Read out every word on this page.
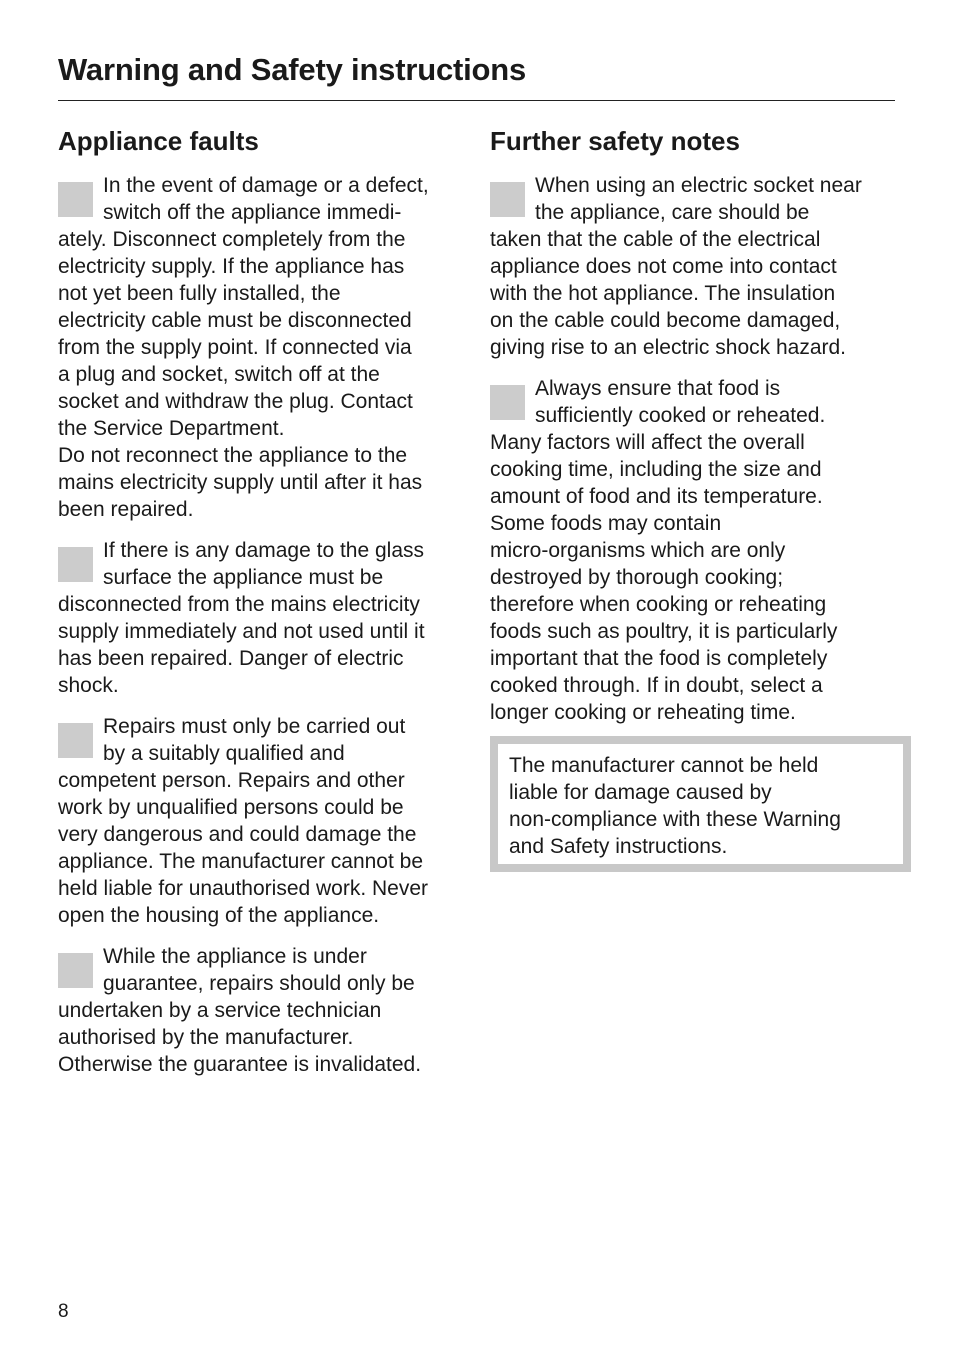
Warning and Safety instructions
Appliance faults
In the event of damage or a defect,
switch off the appliance immedi-
ately. Disconnect completely from the
electricity supply. If the appliance has
not yet been fully installed, the
electricity cable must be disconnected
from the supply point. If connected via
a plug and socket, switch off at the
socket and withdraw the plug. Contact
the Service Department.
Do not reconnect the appliance to the
mains electricity supply until after it has
been repaired.
If there is any damage to the glass
surface the appliance must be
disconnected from the mains electricity
supply immediately and not used until it
has been repaired. Danger of electric
shock.
Repairs must only be carried out
by a suitably qualified and
competent person. Repairs and other
work by unqualified persons could be
very dangerous and could damage the
appliance. The manufacturer cannot be
held liable for unauthorised work. Never
open the housing of the appliance.
While the appliance is under
guarantee, repairs should only be
undertaken by a service technician
authorised by the manufacturer.
Otherwise the guarantee is invalidated.
Further safety notes
When using an electric socket near
the appliance, care should be
taken that the cable of the electrical
appliance does not come into contact
with the hot appliance. The insulation
on the cable could become damaged,
giving rise to an electric shock hazard.
Always ensure that food is
sufficiently cooked or reheated.
Many factors will affect the overall
cooking time, including the size and
amount of food and its temperature.
Some foods may contain
micro-organisms which are only
destroyed by thorough cooking;
therefore when cooking or reheating
foods such as poultry, it is particularly
important that the food is completely
cooked through. If in doubt, select a
longer cooking or reheating time.
The manufacturer cannot be held
liable for damage caused by
non-compliance with these Warning
and Safety instructions.
8
